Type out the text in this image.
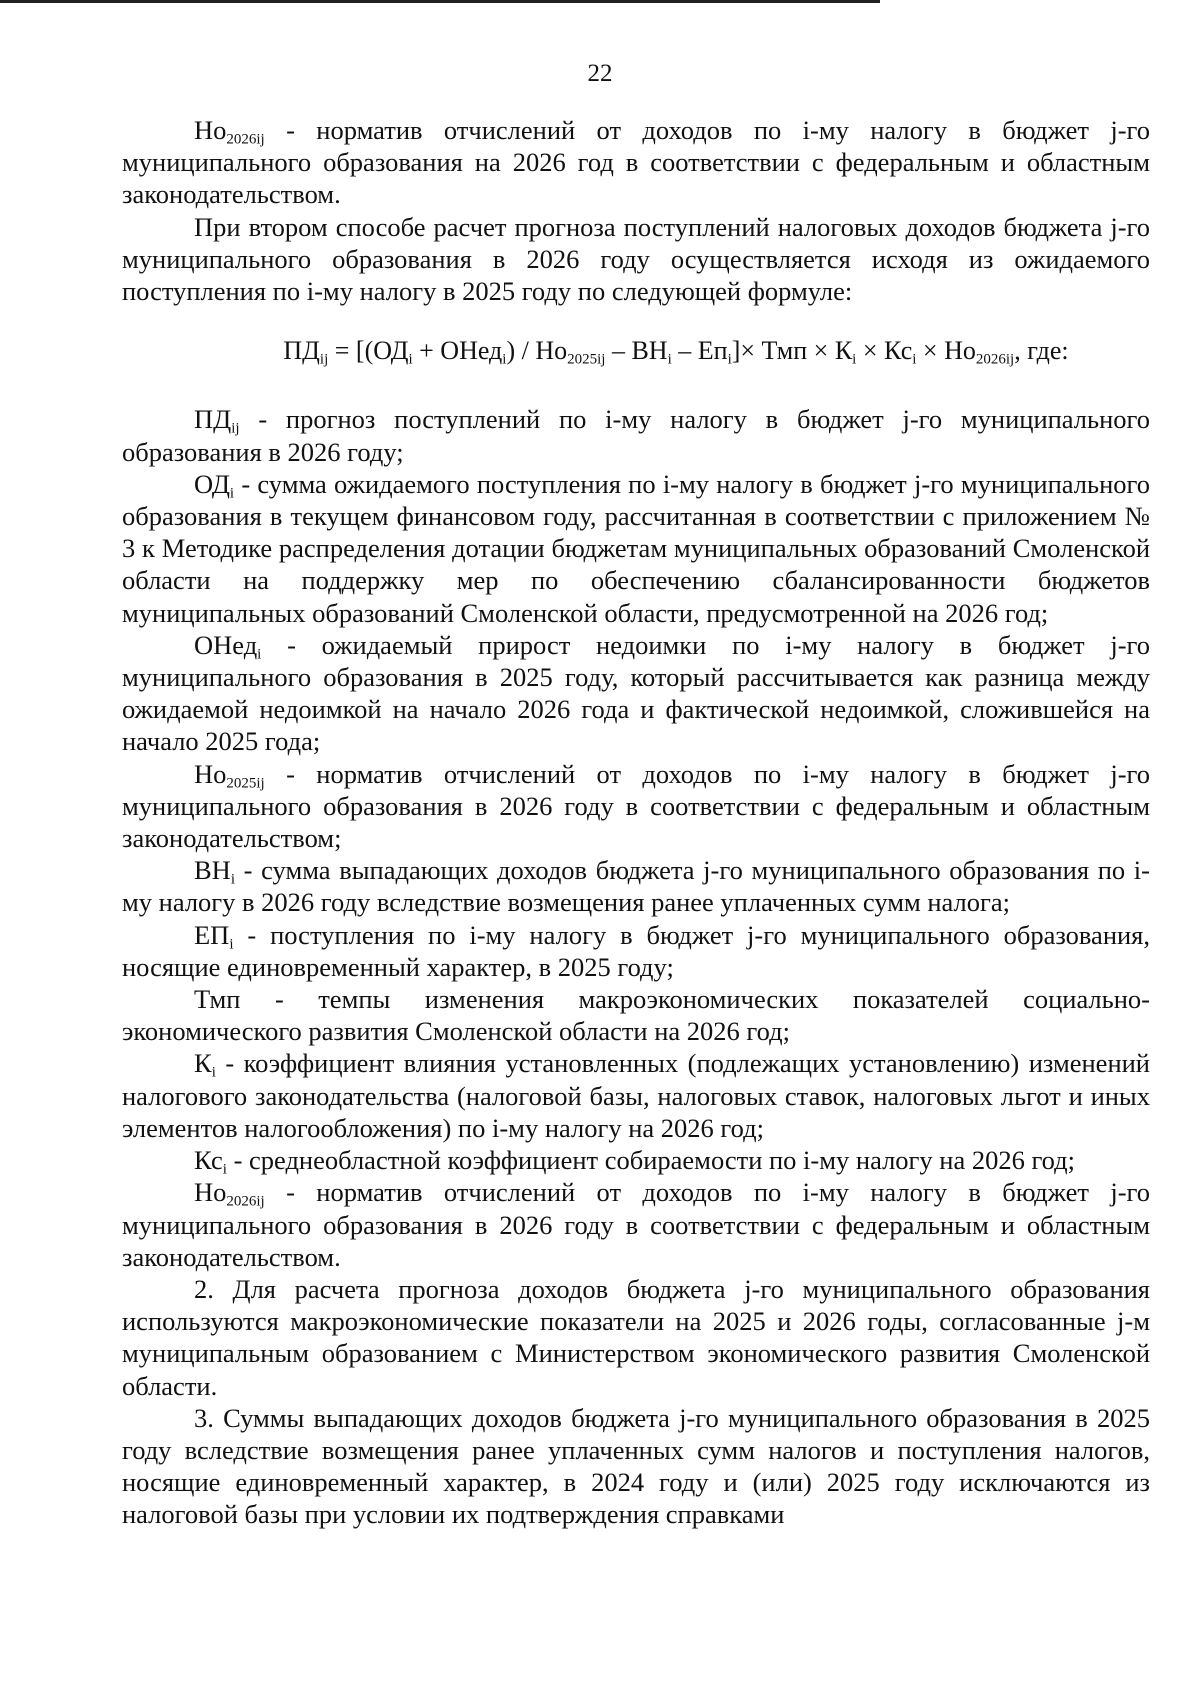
22

$Но_{2026ij}$ - норматив отчислений от доходов по i-му налогу в бюджет j-го муниципального образования на 2026 год в соответствии с федеральным и областным законодательством.

При втором способе расчет прогноза поступлений налоговых доходов бюджета j-го муниципального образования в 2026 году осуществляется исходя из ожидаемого поступления по i-му налогу в 2025 году по следующей формуле:

$ПД_{ij} = [(ОД_i$ + ОНед$_i$) / $Но_{2025ij} - ВН_i - Еп_i]\times$ Тмп × $К_i \times Кс_i \times Но_{2026ij}$, где:

$ПД_{ij}$ - прогноз поступлений по i-му налогу в бюджет j-го муниципального образования в 2026 году;

$ОД_i$ - сумма ожидаемого поступления по i-му налогу в бюджет j-го муниципального образования в текущем финансовом году, рассчитанная в соответствии с приложением № 3 к Методике распределения дотации бюджетам муниципальных образований Смоленской области на поддержку мер по обеспечению сбалансированности бюджетов муниципальных образований Смоленской области, предусмотренной на 2026 год;

ОНед$_i$ - ожидаемый прирост недоимки по i-му налогу в бюджет j-го муниципального образования в 2025 году, который рассчитывается как разница между ожидаемой недоимкой на начало 2026 года и фактической недоимкой, сложившейся на начало 2025 года;

$Но_{2025ij}$ - норматив отчислений от доходов по i-му налогу в бюджет j-го муниципального образования в 2026 году в соответствии с федеральным и областным законодательством;

$ВН_i$ - сумма выпадающих доходов бюджета j-го муниципального образования по i-му налогу в 2026 году вследствие возмещения ранее уплаченных сумм налога;

$ЕП_i$ - поступления по i-му налогу в бюджет j-го муниципального образования, носящие единовременный характер, в 2025 году;

Тмп - темпы изменения макроэкономических показателей социально-экономического развития Смоленской области на 2026 год;

$К_i$ - коэффициент влияния установленных (подлежащих установлению) изменений налогового законодательства (налоговой базы, налоговых ставок, налоговых льгот и иных элементов налогообложения) по i-му налогу на 2026 год;

$Кс_i$ - среднеобластной коэффициент собираемости по i-му налогу на 2026 год;

$Но_{2026ij}$ - норматив отчислений от доходов по i-му налогу в бюджет j-го муниципального образования в 2026 году в соответствии с федеральным и областным законодательством.

2. Для расчета прогноза доходов бюджета j-го муниципального образования используются макроэкономические показатели на 2025 и 2026 годы, согласованные j-м муниципальным образованием с Министерством экономического развития Смоленской области.

3. Суммы выпадающих доходов бюджета j-го муниципального образования в 2025 году вследствие возмещения ранее уплаченных сумм налогов и поступления налогов, носящие единовременный характер, в 2024 году и (или) 2025 году исключаются из налоговой базы при условии их подтверждения справками
